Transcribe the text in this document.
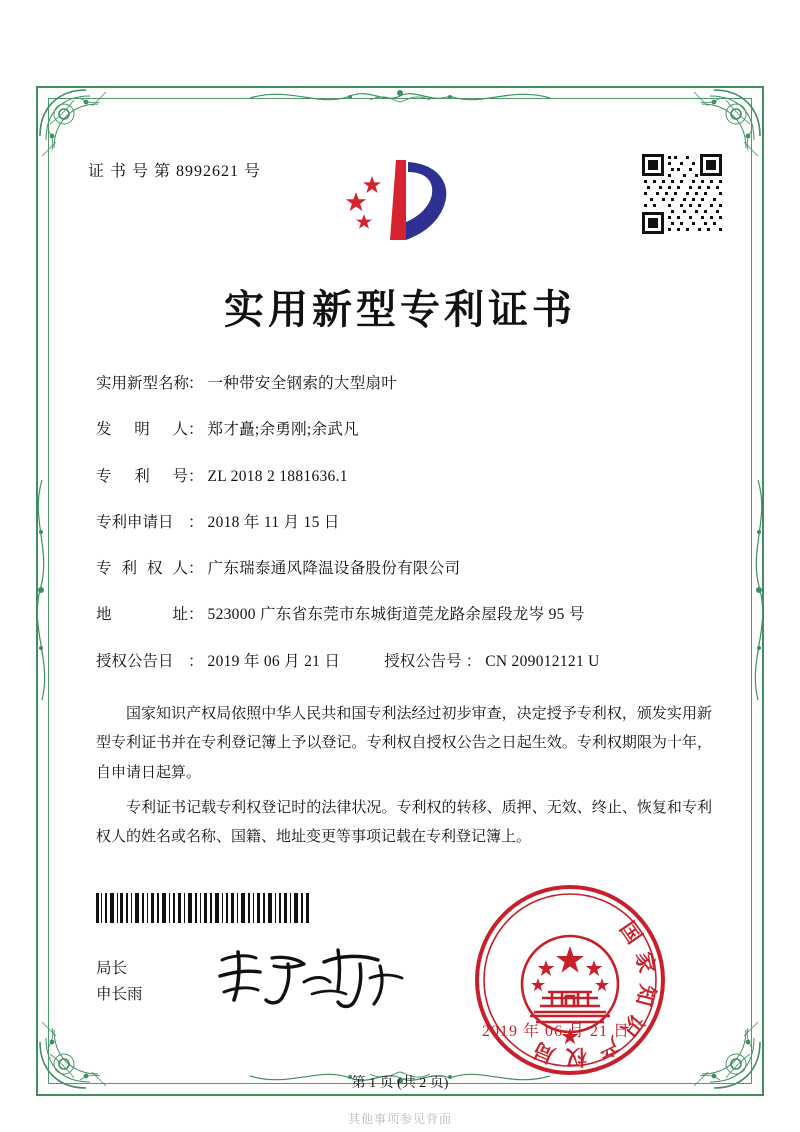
证 书 号 第 8992621 号
实用新型专利证书
实用新型名称
： 一种带安全钢索的大型扇叶
发明人 ： 郑才矗;余勇刚;余武凡
专利号 ： ZL 2018 2 1881636.1
专利申请日 ： 2018 年 11 月 15 日
专利权人 ： 广东瑞泰通风降温设备股份有限公司
地址 ： 523000 广东省东莞市东城街道莞龙路余屋段龙岑 95 号
授权公告日 ： 2019 年 06 月 21 日	授权公告号 ： CN 209012121 U

国家知识产权局依照中华人民共和国专利法经过初步审查，决定授予专利权，颁发实用新型专利证书并在专利登记簿上予以登记。专利权自授权公告之日起生效。专利权期限为十年，自申请日起算。

专利证书记载专利权登记时的法律状况。专利权的转移、质押、无效、终止、恢复和专利权人的姓名或名称、国籍、地址变更等事项记载在专利登记簿上。

局长
申长雨
国家知识产权局
2019 年 06 月 21 日
第 1 页 (共 2 页)
其他事项参见背面
